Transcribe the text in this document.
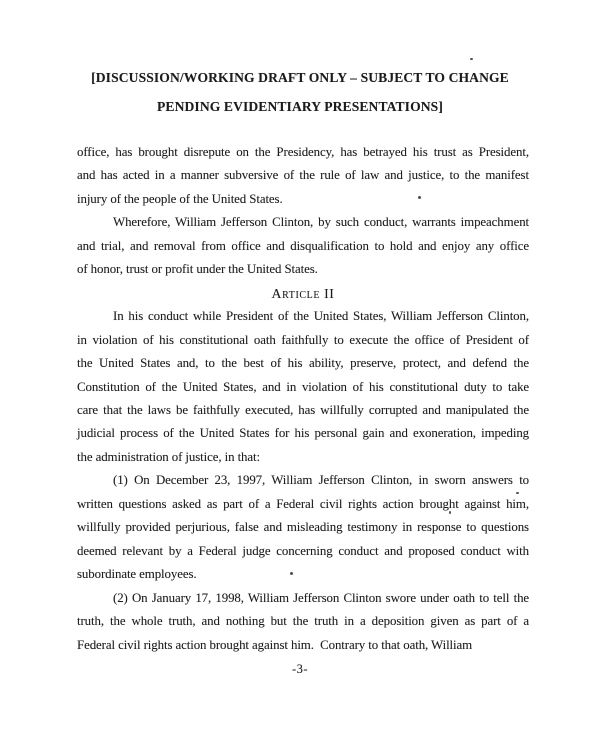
[DISCUSSION/WORKING DRAFT ONLY – SUBJECT TO CHANGE
PENDING EVIDENTIARY PRESENTATIONS]
office, has brought disrepute on the Presidency, has betrayed his trust as President,
and has acted in a manner subversive of the rule of law and justice, to the manifest
injury of the people of the United States.
Wherefore, William Jefferson Clinton, by such conduct, warrants impeachment
and trial, and removal from office and disqualification to hold and enjoy any office
of honor, trust or profit under the United States.
Article II
In his conduct while President of the United States, William Jefferson Clinton,
in violation of his constitutional oath faithfully to execute the office of President of
the United States and, to the best of his ability, preserve, protect, and defend the
Constitution of the United States, and in violation of his constitutional duty to take
care that the laws be faithfully executed, has willfully corrupted and manipulated the
judicial process of the United States for his personal gain and exoneration, impeding
the administration of justice, in that:
(1) On December 23, 1997, William Jefferson Clinton, in sworn answers to
written questions asked as part of a Federal civil rights action brought against him,
willfully provided perjurious, false and misleading testimony in response to questions
deemed relevant by a Federal judge concerning conduct and proposed conduct with
subordinate employees.
(2) On January 17, 1998, William Jefferson Clinton swore under oath to tell the
truth, the whole truth, and nothing but the truth in a deposition given as part of a
Federal civil rights action brought against him.  Contrary to that oath, William
-3-
